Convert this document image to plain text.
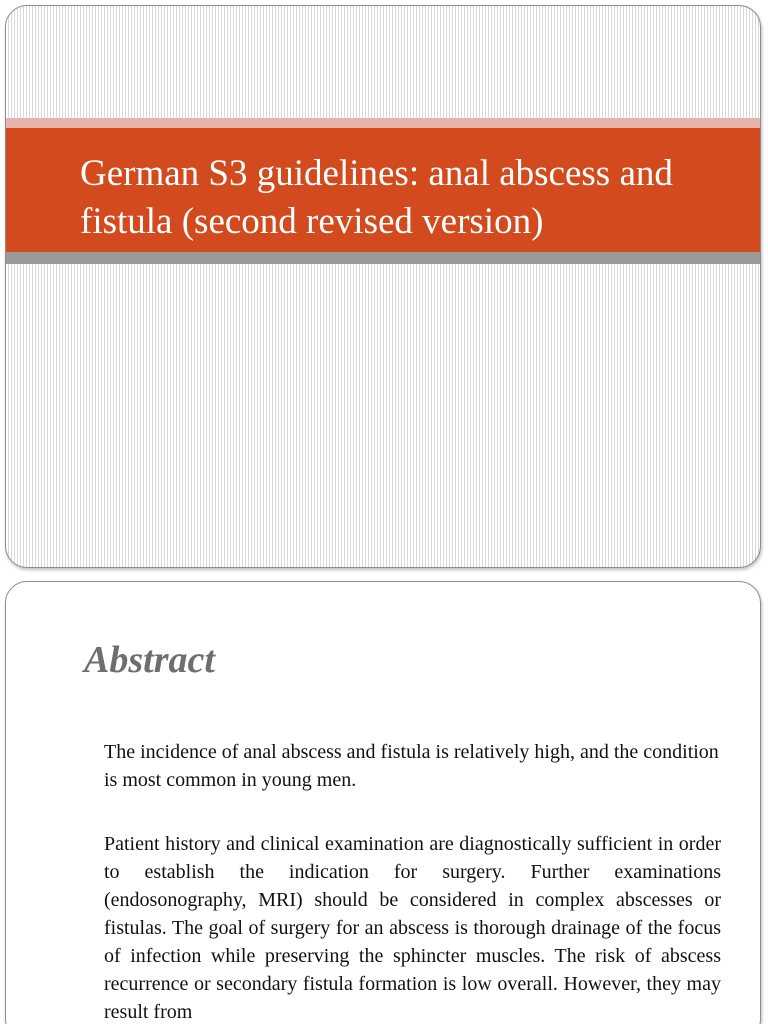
German S3 guidelines: anal abscess and fistula (second revised version)
Abstract

The incidence of anal abscess and fistula is relatively high, and the condition is most common in young men.

Patient history and clinical examination are diagnostically sufficient in order to establish the indication for surgery. Further examinations (endosonography, MRI) should be considered in complex abscesses or fistulas. The goal of surgery for an abscess is thorough drainage of the focus of infection while preserving the sphincter muscles. The risk of abscess recurrence or secondary fistula formation is low overall. However, they may result from
